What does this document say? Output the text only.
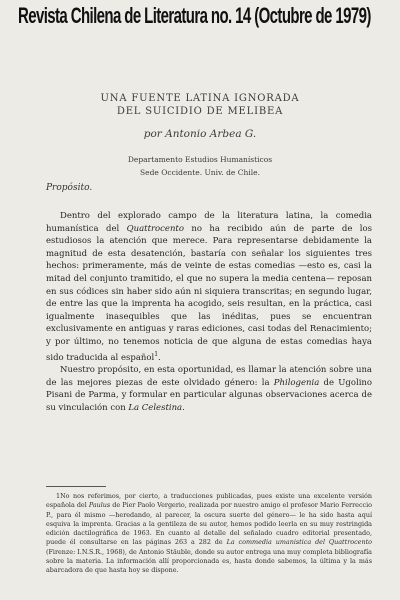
Revista Chilena de Literatura no. 14 (Octubre de 1979)
UNA FUENTE LATINA IGNORADA
DEL SUICIDIO DE MELIBEA
por Antonio Arbea G.
Departamento Estudios Humanísticos
Sede Occidente. Univ. de Chile.
Propósito.

Dentro del explorado campo de la literatura latina, la comedia humanística del Quattrocento no ha recibido aún de parte de los estudiosos la atención que merece. Para representarse debidamente la magnitud de esta desatención, bastaría con señalar los siguientes tres hechos: primeramente, más de veinte de estas comedias —esto es, casi la mitad del conjunto tramitido, el que no supera la media centena— reposan en sus códices sin haber sido aún ni siquiera transcritas; en segundo lugar, de entre las que la imprenta ha acogido, seis resultan, en la práctica, casi igualmente inasequibles que las inéditas, pues se encuentran exclusivamente en antiguas y raras ediciones, casi todas del Renacimiento; y por último, no tenemos noticia de que alguna de estas comedias haya sido traducida al español$^1$.

Nuestro propósito, en esta oportunidad, es llamar la atención sobre una de las mejores piezas de este olvidado género: la Philogenia de Ugolino Pisani de Parma, y formular en particular algunas observaciones acerca de su vinculación con La Celestina.

1No nos referimos, por cierto, a traducciones publicadas, pues existe una excelente versión española del Paulus de Pier Paolo Vergerio, realizada por nuestro amigo el profesor Mario Ferreccio P., para él mismo —heredando, al parecer, la oscura suerte del género— le ha sido hasta aquí esquiva la imprenta. Gracias a la gentileza de su autor, hemos podido leerla en su muy restringida edición dactilográfica de 1963. En cuanto al detalle del señalado cuadro editorial presentado, puede él consultarse en las páginas 263 a 282 de La commedia umanistica del Quattrocento (Firenze: I.N.S.R., 1968), de Antonio Stäuble, donde su autor entrega una muy completa bibliografía sobre la materia. La información allí proporcionada es, hasta donde sabemos, la última y la más abarcadora de que hasta hoy se dispone.
